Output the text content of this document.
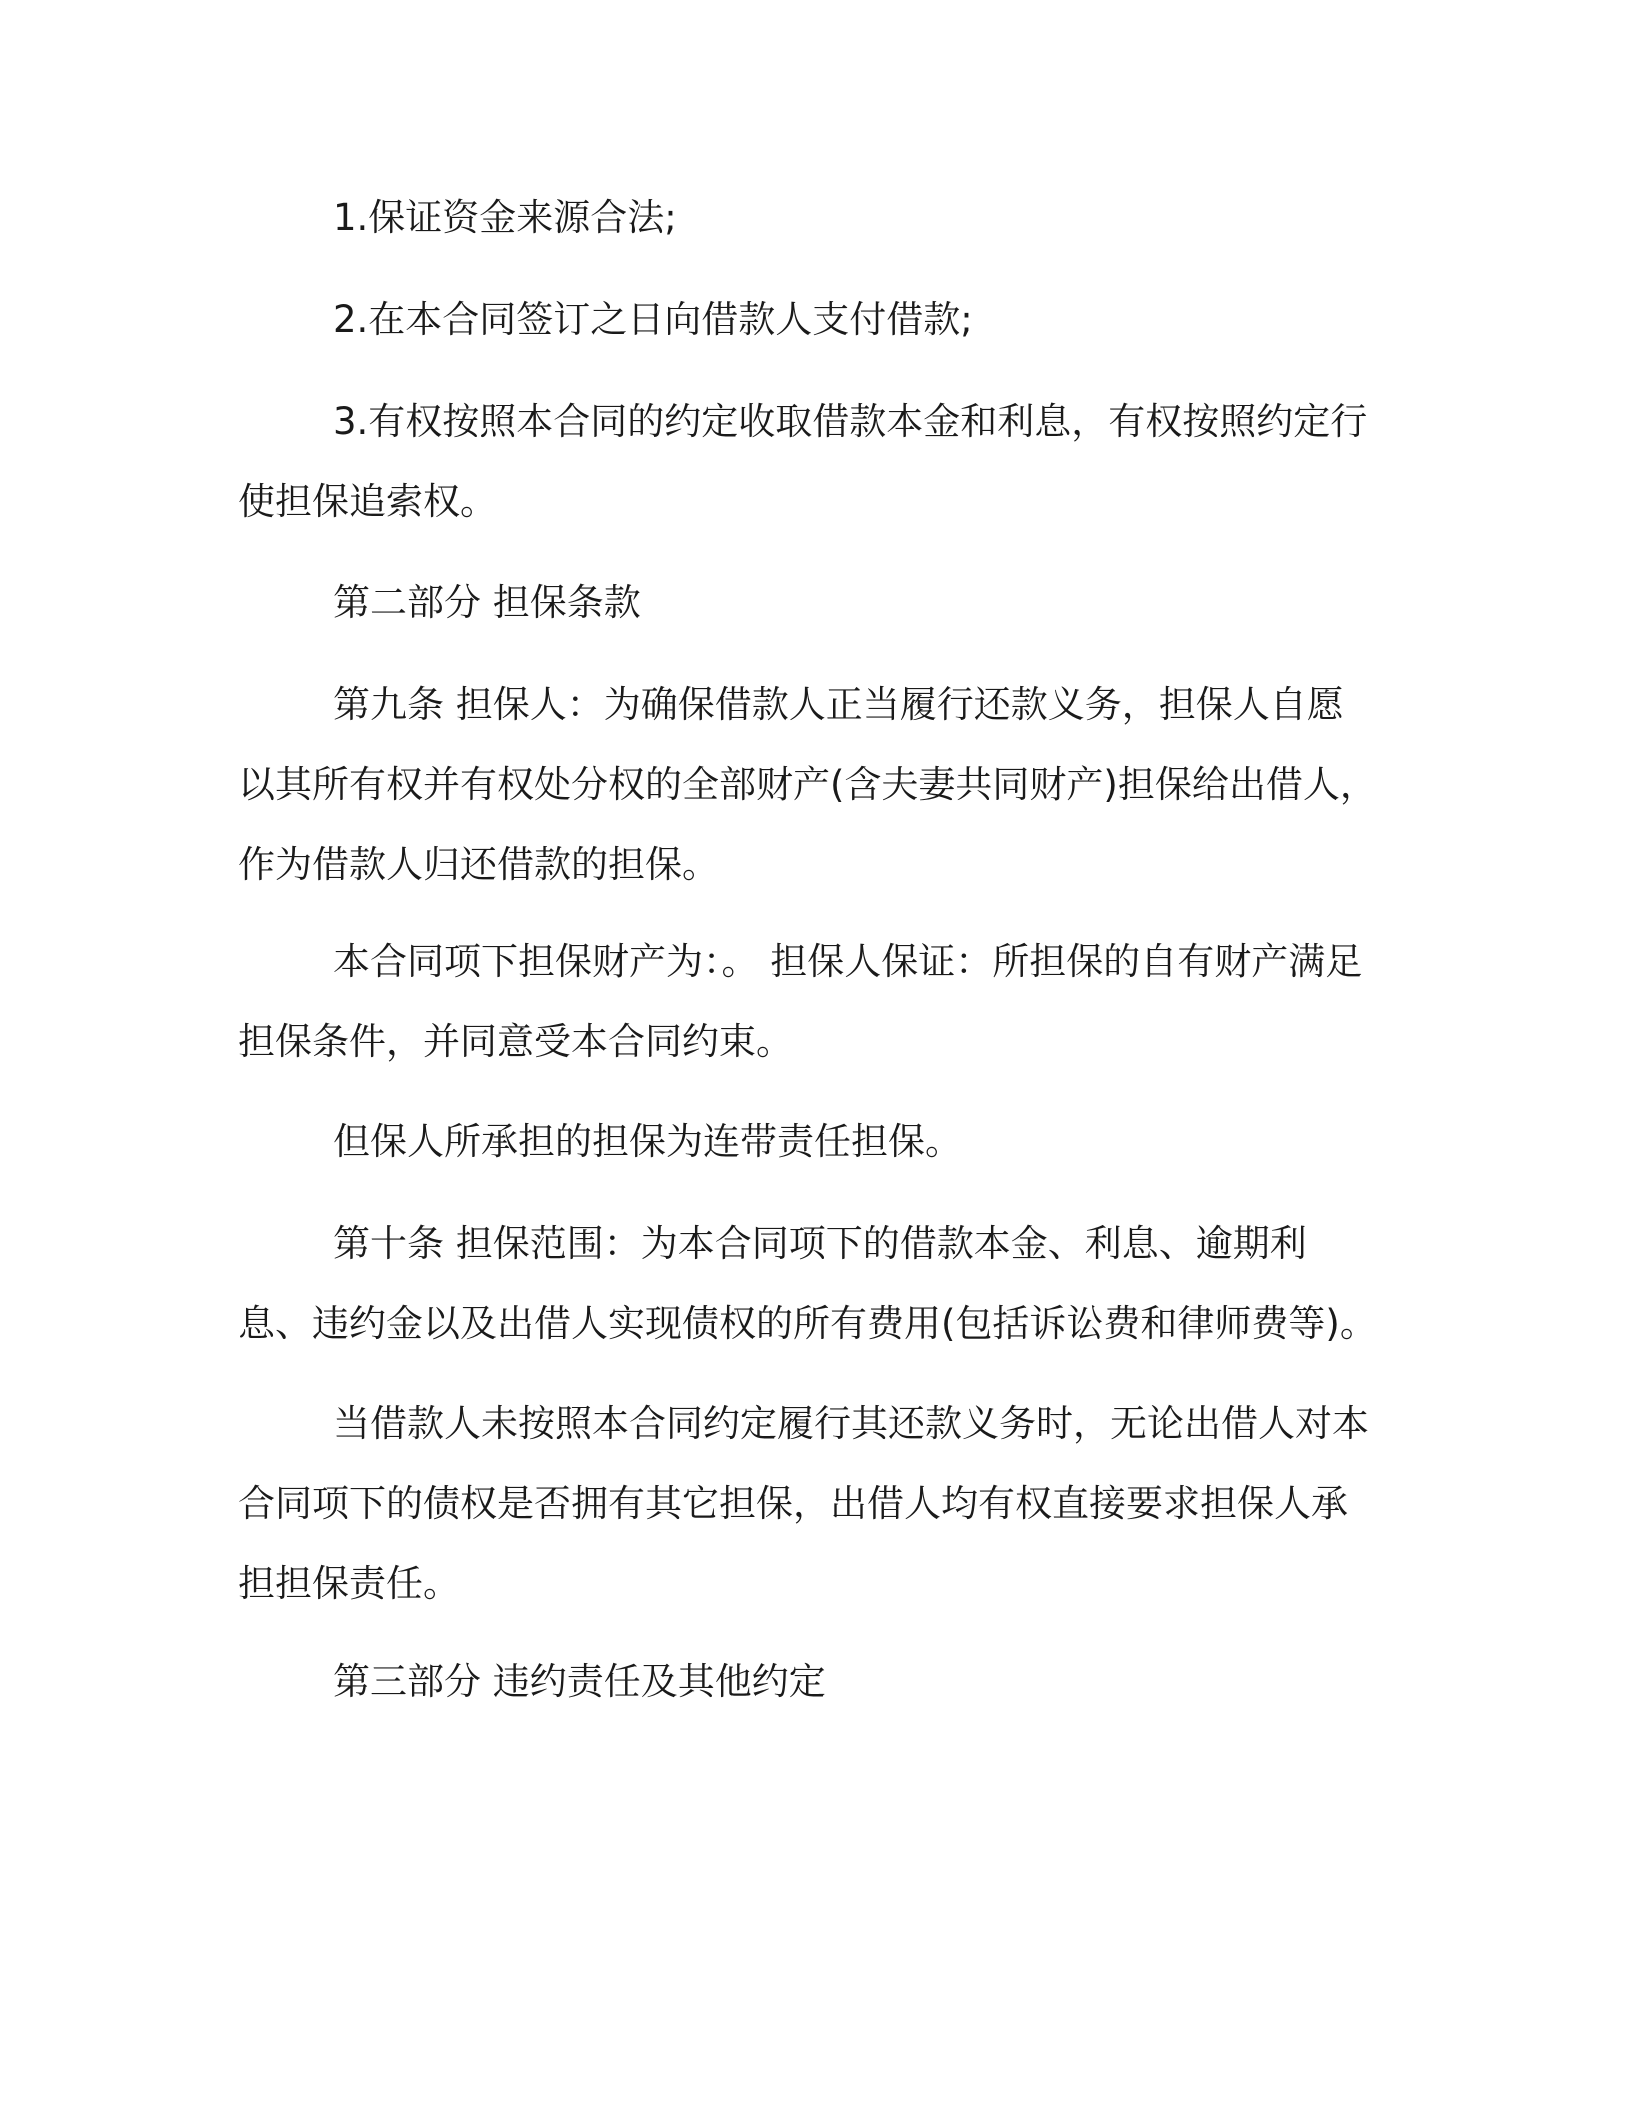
1.保证资金来源合法;

2.在本合同签订之日向借款人支付借款;

3.有权按照本合同的约定收取借款本金和利息，有权按照约定行使担保追索权。

第二部分 担保条款

第九条 担保人：为确保借款人正当履行还款义务，担保人自愿以其所有权并有权处分权的全部财产(含夫妻共同财产)担保给出借人，作为借款人归还借款的担保。

本合同项下担保财产为：。 担保人保证：所担保的自有财产满足担保条件，并同意受本合同约束。

但保人所承担的担保为连带责任担保。

第十条 担保范围：为本合同项下的借款本金、利息、逾期利息、违约金以及出借人实现债权的所有费用(包括诉讼费和律师费等)。

当借款人未按照本合同约定履行其还款义务时，无论出借人对本合同项下的债权是否拥有其它担保，出借人均有权直接要求担保人承担担保责任。

第三部分 违约责任及其他约定
